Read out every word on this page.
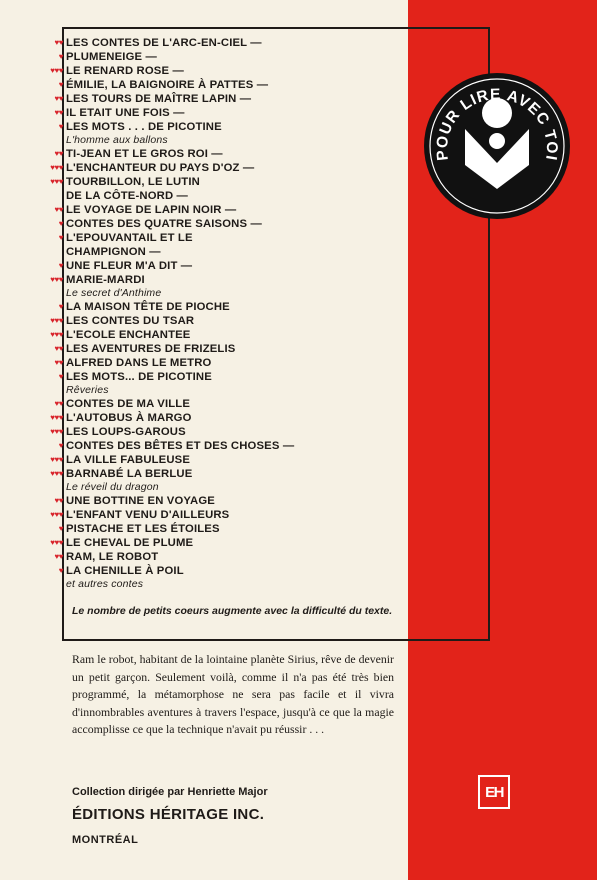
♥♥ LES CONTES DE L'ARC-EN-CIEL —
♥ PLUMENEIGE —
♥♥♥ LE RENARD ROSE —
♥ ÉMILIE, LA BAIGNOIRE À PATTES —
♥♥ LES TOURS DE MAÎTRE LAPIN —
♥♥ IL ETAIT UNE FOIS —
♥ LES MOTS . . . DE PICOTINE
L'homme aux ballons
♥♥ TI-JEAN ET LE GROS ROI —
♥♥♥ L'ENCHANTEUR DU PAYS D'OZ —
♥♥♥ TOURBILLON, LE LUTIN
DE LA CÔTE-NORD —
♥♥ LE VOYAGE DE LAPIN NOIR —
♥ CONTES DES QUATRE SAISONS —
♥ L'EPOUVANTAIL ET LE
CHAMPIGNON —
♥ UNE FLEUR M'A DIT —
♥♥♥ MARIE-MARDI
Le secret d'Anthime
♥ LA MAISON TÊTE DE PIOCHE
♥♥♥ LES CONTES DU TSAR
♥♥♥ L'ECOLE ENCHANTEE
♥♥ LES AVENTURES DE FRIZELIS
♥♥ ALFRED DANS LE METRO
♥ LES MOTS... DE PICOTINE
Rêveries
♥♥ CONTES DE MA VILLE
♥♥♥ L'AUTOBUS À MARGO
♥♥♥ LES LOUPS-GAROUS
♥ CONTES DES BÊTES ET DES CHOSES —
♥♥♥ LA VILLE FABULEUSE
♥♥♥ BARNABÉ LA BERLUE
Le réveil du dragon
♥♥ UNE BOTTINE EN VOYAGE
♥♥♥ L'ENFANT VENU D'AILLEURS
♥ PISTACHE ET LES ÉTOILES
♥♥♥ LE CHEVAL DE PLUME
♥♥ RAM, LE ROBOT
♥ LA CHENILLE À POIL
et autres contes
Le nombre de petits coeurs augmente avec la difficulté du texte.
Ram le robot, habitant de la lointaine planète Sirius, rêve de devenir un petit garçon. Seulement voilà, comme il n'a pas été très bien programmé, la métamorphose ne sera pas facile et il vivra d'innombrables aventures à travers l'espace, jusqu'à ce que la magie accomplisse ce que la technique n'avait pu réussir . . .
Collection dirigée par Henriette Major
ÉDITIONS HÉRITAGE INC.
MONTRÉAL
POUR LIRE AVEC TOI
EH
